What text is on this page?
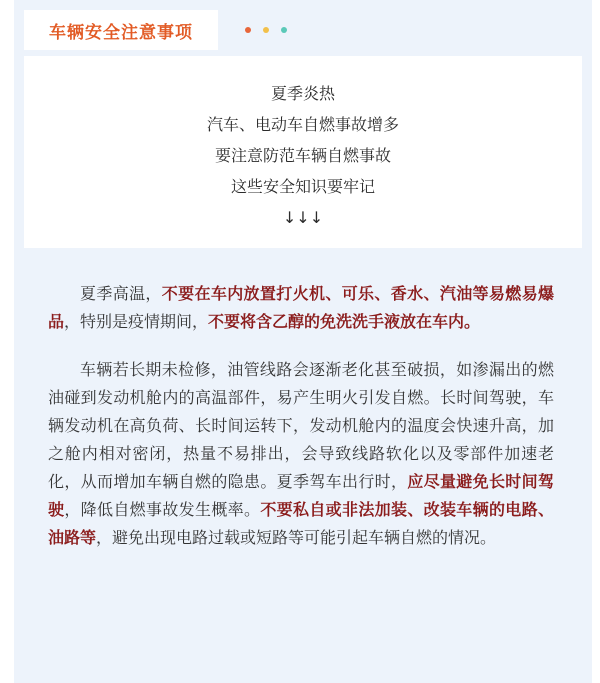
车辆安全注意事项
夏季炎热
汽车、电动车自燃事故增多
要注意防范车辆自燃事故
这些安全知识要牢记
↓↓↓

夏季高温，不要在车内放置打火机、可乐、香水、汽油等易燃易爆品，特别是疫情期间，不要将含乙醇的免洗洗手液放在车内。

车辆若长期未检修，油管线路会逐渐老化甚至破损，如渗漏出的燃油碰到发动机舱内的高温部件，易产生明火引发自燃。长时间驾驶，车辆发动机在高负荷、长时间运转下，发动机舱内的温度会快速升高，加之舱内相对密闭，热量不易排出，会导致线路软化以及零部件加速老化，从而增加车辆自燃的隐患。夏季驾车出行时，应尽量避免长时间驾驶，降低自燃事故发生概率。不要私自或非法加装、改装车辆的电路、油路等，避免出现电路过载或短路等可能引起车辆自燃的情况。
